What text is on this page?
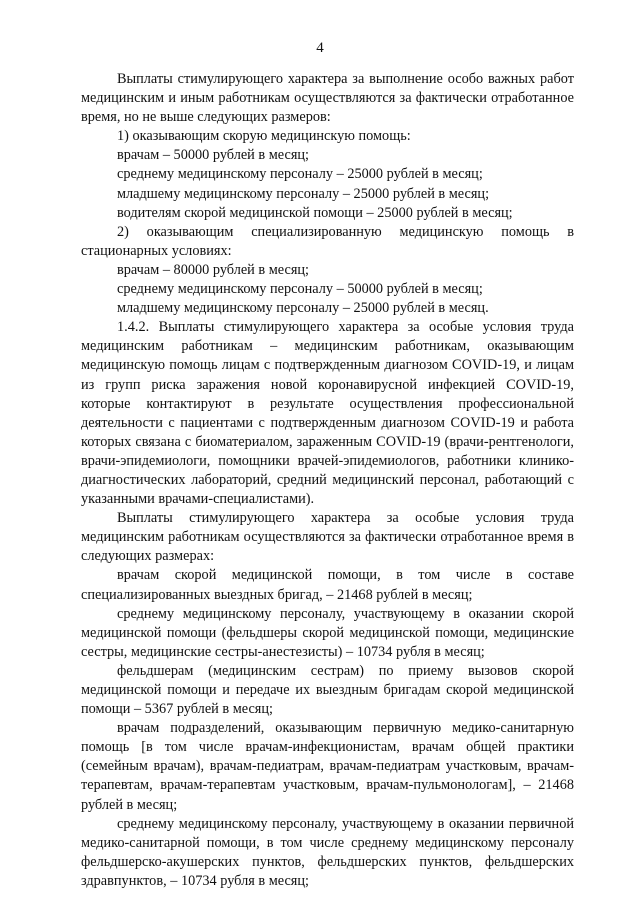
4

Выплаты стимулирующего характера за выполнение особо важных работ медицинским и иным работникам осуществляются за фактически отработанное время, но не выше следующих размеров:

1) оказывающим скорую медицинскую помощь:

врачам – 50000 рублей в месяц;

среднему медицинскому персоналу – 25000 рублей в месяц;

младшему медицинскому персоналу – 25000 рублей в месяц;

водителям скорой медицинской помощи – 25000 рублей в месяц;

2) оказывающим специализированную медицинскую помощь в стационарных условиях:

врачам – 80000 рублей в месяц;

среднему медицинскому персоналу – 50000 рублей в месяц;

младшему медицинскому персоналу – 25000 рублей в месяц.

1.4.2. Выплаты стимулирующего характера за особые условия труда медицинским работникам – медицинским работникам, оказывающим медицинскую помощь лицам с подтвержденным диагнозом COVID-19, и лицам из групп риска заражения новой коронавирусной инфекцией COVID-19, которые контактируют в результате осуществления профессиональной деятельности с пациентами с подтвержденным диагнозом COVID-19 и работа которых связана с биоматериалом, зараженным COVID-19 (врачи-рентгенологи, врачи-эпидемиологи, помощники врачей-эпидемиологов, работники клинико-диагностических лабораторий, средний медицинский персонал, работающий с указанными врачами-специалистами).

Выплаты стимулирующего характера за особые условия труда медицинским работникам осуществляются за фактически отработанное время в следующих размерах:

врачам скорой медицинской помощи, в том числе в составе специализированных выездных бригад, – 21468 рублей в месяц;

среднему медицинскому персоналу, участвующему в оказании скорой медицинской помощи (фельдшеры скорой медицинской помощи, медицинские сестры, медицинские сестры-анестезисты) – 10734 рубля в месяц;

фельдшерам (медицинским сестрам) по приему вызовов скорой медицинской помощи и передаче их выездным бригадам скорой медицинской помощи – 5367 рублей в месяц;

врачам подразделений, оказывающим первичную медико-санитарную помощь [в том числе врачам-инфекционистам, врачам общей практики (семейным врачам), врачам-педиатрам, врачам-педиатрам участковым, врачам-терапевтам, врачам-терапевтам участковым, врачам-пульмонологам], – 21468 рублей в месяц;

среднему медицинскому персоналу, участвующему в оказании первичной медико-санитарной помощи, в том числе среднему медицинскому персоналу фельдшерско-акушерских пунктов, фельдшерских пунктов, фельдшерских здравпунктов, – 10734 рубля в месяц;
